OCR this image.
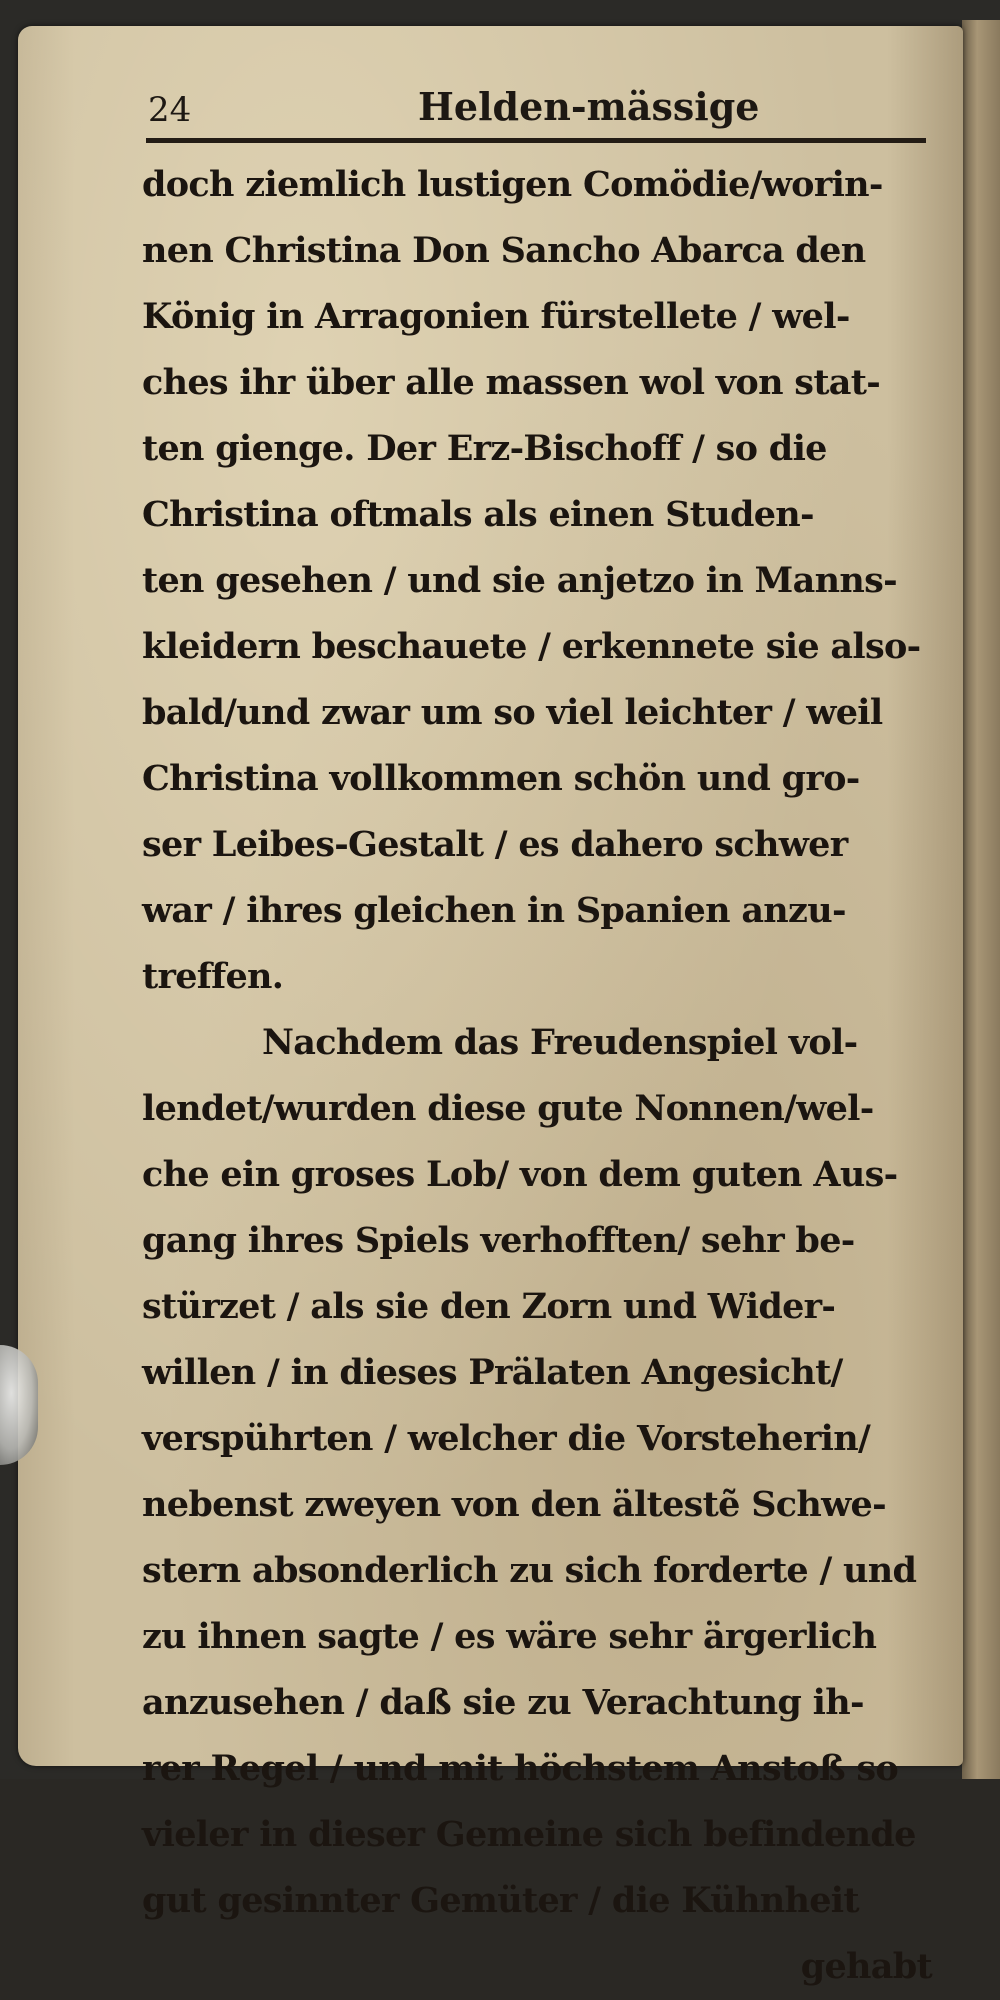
24	Helden-mässige
doch ziemlich lustigen Comödie/worin-
nen Christina Don Sancho Abarca den
König in Arragonien fürstellete / wel-
ches ihr über alle massen wol von stat-
ten gienge. Der Erz-Bischoff / so die
Christina oftmals als einen Studen-
ten gesehen / und sie anjetzo in Manns-
kleidern beschauete / erkennete sie also-
bald/und zwar um so viel leichter / weil
Christina vollkommen schön und gro-
ser Leibes-Gestalt / es dahero schwer
war / ihres gleichen in Spanien anzu-
treffen.
Nachdem das Freudenspiel vol-
lendet/wurden diese gute Nonnen/wel-
che ein groses Lob/ von dem guten Aus-
gang ihres Spiels verhofften/ sehr be-
stürzet / als sie den Zorn und Wider-
willen / in dieses Prälaten Angesicht/
verspührten / welcher die Vorsteherin/
nebenst zweyen von den ältestẽ Schwe-
stern absonderlich zu sich forderte / und
zu ihnen sagte / es wäre sehr ärgerlich
anzusehen / daß sie zu Verachtung ih-
rer Regel / und mit höchstem Anstoß so
vieler in dieser Gemeine sich befindende
gut gesinnter Gemüter / die Kühnheit
gehabt
